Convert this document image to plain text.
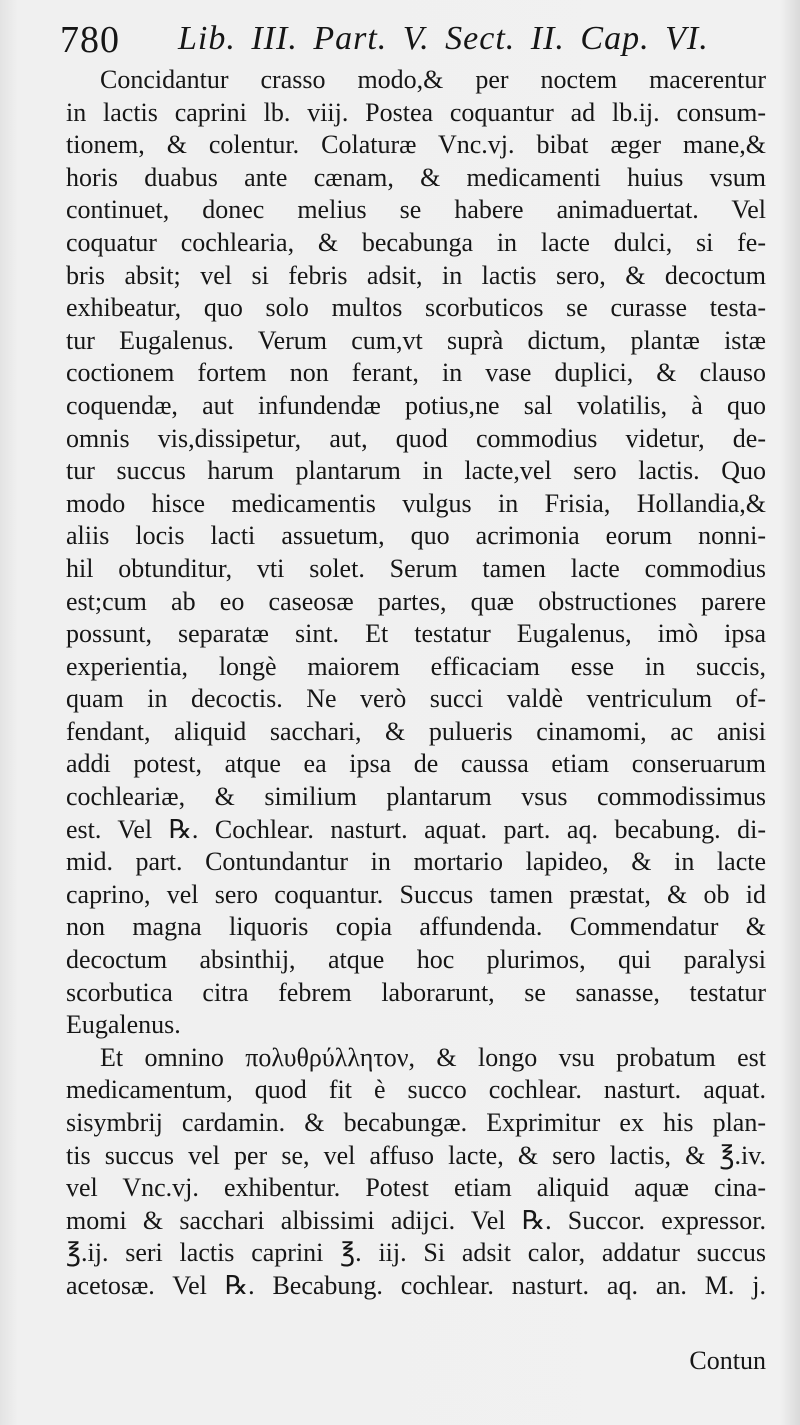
780 Lib. III. Part. V. Sect. II. Cap. VI.
Concidantur crasso modo,& per noctem macerentur
in lactis caprini lb. viij. Postea coquantur ad lb.ij. consum-
tionem, & colentur. Colaturæ Vnc.vj. bibat æger mane,&
horis duabus ante cænam, & medicamenti huius vsum
continuet, donec melius se habere animaduertat. Vel
coquatur cochlearia, & becabunga in lacte dulci, si fe-
bris absit; vel si febris adsit, in lactis sero, & decoctum
exhibeatur, quo solo multos scorbuticos se curasse testa-
tur Eugalenus. Verum cum,vt suprà dictum, plantæ istæ
coctionem fortem non ferant, in vase duplici, & clauso
coquendæ, aut infundendæ potius,ne sal volatilis, à quo
omnis vis,dissipetur, aut, quod commodius videtur, de-
tur succus harum plantarum in lacte,vel sero lactis. Quo
modo hisce medicamentis vulgus in Frisia, Hollandia,&
aliis locis lacti assuetum, quo acrimonia eorum nonni-
hil obtunditur, vti solet. Serum tamen lacte commodius
est;cum ab eo caseosæ partes, quæ obstructiones parere
possunt, separatæ sint. Et testatur Eugalenus, imò ipsa
experientia, longè maiorem efficaciam esse in succis,
quam in decoctis. Ne verò succi valdè ventriculum of-
fendant, aliquid sacchari, & pulueris cinamomi, ac anisi
addi potest, atque ea ipsa de caussa etiam conseruarum
cochleariæ, & similium plantarum vsus commodissimus
est. Vel ℞. Cochlear. nasturt. aquat. part. aq. becabung. di-
mid. part. Contundantur in mortario lapideo, & in lacte
caprino, vel sero coquantur. Succus tamen præstat, & ob id
non magna liquoris copia affundenda. Commendatur &
decoctum absinthij, atque hoc plurimos, qui paralysi
scorbutica citra febrem laborarunt, se sanasse, testatur
Eugalenus.
Et omnino πολυθρύλλητον, & longo vsu probatum est
medicamentum, quod fit è succo cochlear. nasturt. aquat.
sisymbrij cardamin. & becabungæ. Exprimitur ex his plan-
tis succus vel per se, vel affuso lacte, & sero lactis, & ℥.iv.
vel Vnc.vj. exhibentur. Potest etiam aliquid aquæ cina-
momi & sacchari albissimi adijci. Vel ℞. Succor. expressor.
℥.ij. seri lactis caprini ℥. iij. Si adsit calor, addatur succus
acetosæ. Vel ℞. Becabung. cochlear. nasturt. aq. an. M. j.
Contun
